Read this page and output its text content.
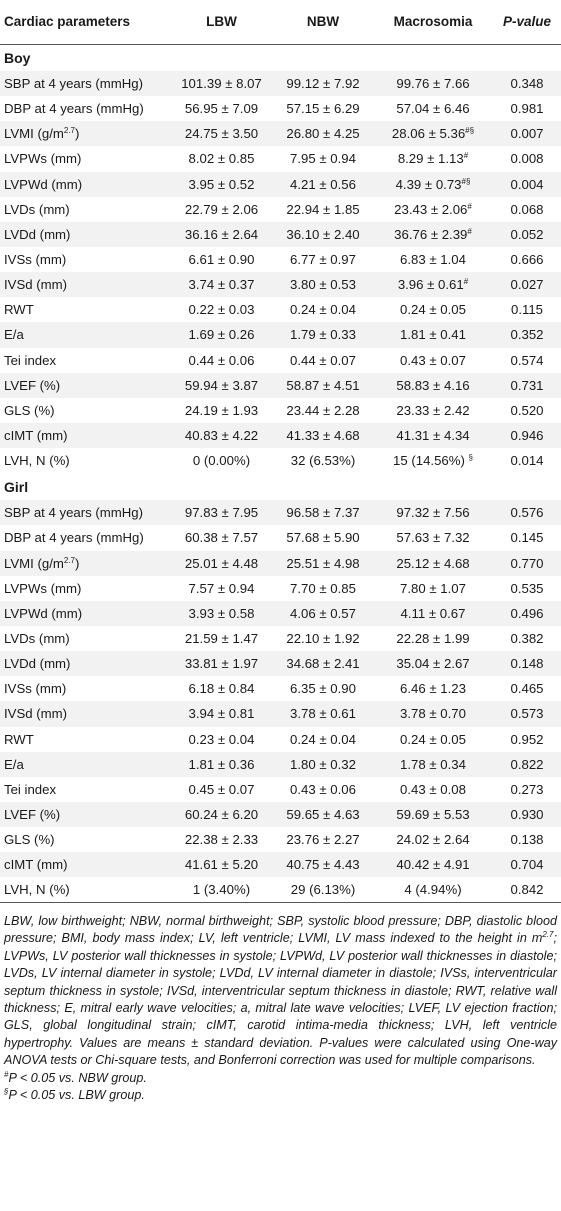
Cardiac parameters	LBW	NBW	Macrosomia	P-value
Boy				
SBP at 4 years (mmHg)	101.39 ± 8.07	99.12 ± 7.92	99.76 ± 7.66	0.348
DBP at 4 years (mmHg)	56.95 ± 7.09	57.15 ± 6.29	57.04 ± 6.46	0.981
LVMI $(g/m^{2.7})$	24.75 ± 3.50	26.80 ± 4.25	28.06 ± 5.36#§	0.007
LVPWs (mm)	8.02 ± 0.85	7.95 ± 0.94	8.29 ± 1.13#	0.008
LVPWd (mm)	3.95 ± 0.52	4.21 ± 0.56	4.39 ± 0.73#§	0.004
LVDs (mm)	22.79 ± 2.06	22.94 ± 1.85	23.43 ± 2.06#	0.068
LVDd (mm)	36.16 ± 2.64	36.10 ± 2.40	36.76 ± 2.39#	0.052
IVSs (mm)	6.61 ± 0.90	6.77 ± 0.97	6.83 ± 1.04	0.666
IVSd (mm)	3.74 ± 0.37	3.80 ± 0.53	3.96 ± 0.61#	0.027
RWT	0.22 ± 0.03	0.24 ± 0.04	0.24 ± 0.05	0.115
E/a	1.69 ± 0.26	1.79 ± 0.33	1.81 ± 0.41	0.352
Tei index	0.44 ± 0.06	0.44 ± 0.07	0.43 ± 0.07	0.574
LVEF (%)	59.94 ± 3.87	58.87 ± 4.51	58.83 ± 4.16	0.731
GLS (%)	24.19 ± 1.93	23.44 ± 2.28	23.33 ± 2.42	0.520
cIMT (mm)	40.83 ± 4.22	41.33 ± 4.68	41.31 ± 4.34	0.946
LVH, N (%)	0 (0.00%)	32 (6.53%)	15 (14.56%) §	0.014
Girl				
SBP at 4 years (mmHg)	97.83 ± 7.95	96.58 ± 7.37	97.32 ± 7.56	0.576
DBP at 4 years (mmHg)	60.38 ± 7.57	57.68 ± 5.90	57.63 ± 7.32	0.145
LVMI $(g/m^{2.7})$	25.01 ± 4.48	25.51 ± 4.98	25.12 ± 4.68	0.770
LVPWs (mm)	7.57 ± 0.94	7.70 ± 0.85	7.80 ± 1.07	0.535
LVPWd (mm)	3.93 ± 0.58	4.06 ± 0.57	4.11 ± 0.67	0.496
LVDs (mm)	21.59 ± 1.47	22.10 ± 1.92	22.28 ± 1.99	0.382
LVDd (mm)	33.81 ± 1.97	34.68 ± 2.41	35.04 ± 2.67	0.148
IVSs (mm)	6.18 ± 0.84	6.35 ± 0.90	6.46 ± 1.23	0.465
IVSd (mm)	3.94 ± 0.81	3.78 ± 0.61	3.78 ± 0.70	0.573
RWT	0.23 ± 0.04	0.24 ± 0.04	0.24 ± 0.05	0.952
E/a	1.81 ± 0.36	1.80 ± 0.32	1.78 ± 0.34	0.822
Tei index	0.45 ± 0.07	0.43 ± 0.06	0.43 ± 0.08	0.273
LVEF (%)	60.24 ± 6.20	59.65 ± 4.63	59.69 ± 5.53	0.930
GLS (%)	22.38 ± 2.33	23.76 ± 2.27	24.02 ± 2.64	0.138
cIMT (mm)	41.61 ± 5.20	40.75 ± 4.43	40.42 ± 4.91	0.704
LVH, N (%)	1 (3.40%)	29 (6.13%)	4 (4.94%)	0.842

LBW, low birthweight; NBW, normal birthweight; SBP, systolic blood pressure; DBP, diastolic blood pressure; BMI, body mass index; LV, left ventricle; LVMI, LV mass indexed to the height in $m^{2.7}$; LVPWs, LV posterior wall thicknesses in systole; LVPWd, LV posterior wall thicknesses in diastole; LVDs, LV internal diameter in systole; LVDd, LV internal diameter in diastole; IVSs, interventricular septum thickness in systole; IVSd, interventricular septum thickness in diastole; RWT, relative wall thickness; E, mitral early wave velocities; a, mitral late wave velocities; LVEF, LV ejection fraction; GLS, global longitudinal strain; cIMT, carotid intima-media thickness; LVH, left ventricle hypertrophy. Values are means ± standard deviation. P-values were calculated using One-way ANOVA tests or Chi-square tests, and Bonferroni correction was used for multiple comparisons.

#P < 0.05 vs. NBW group.

§P < 0.05 vs. LBW group.
